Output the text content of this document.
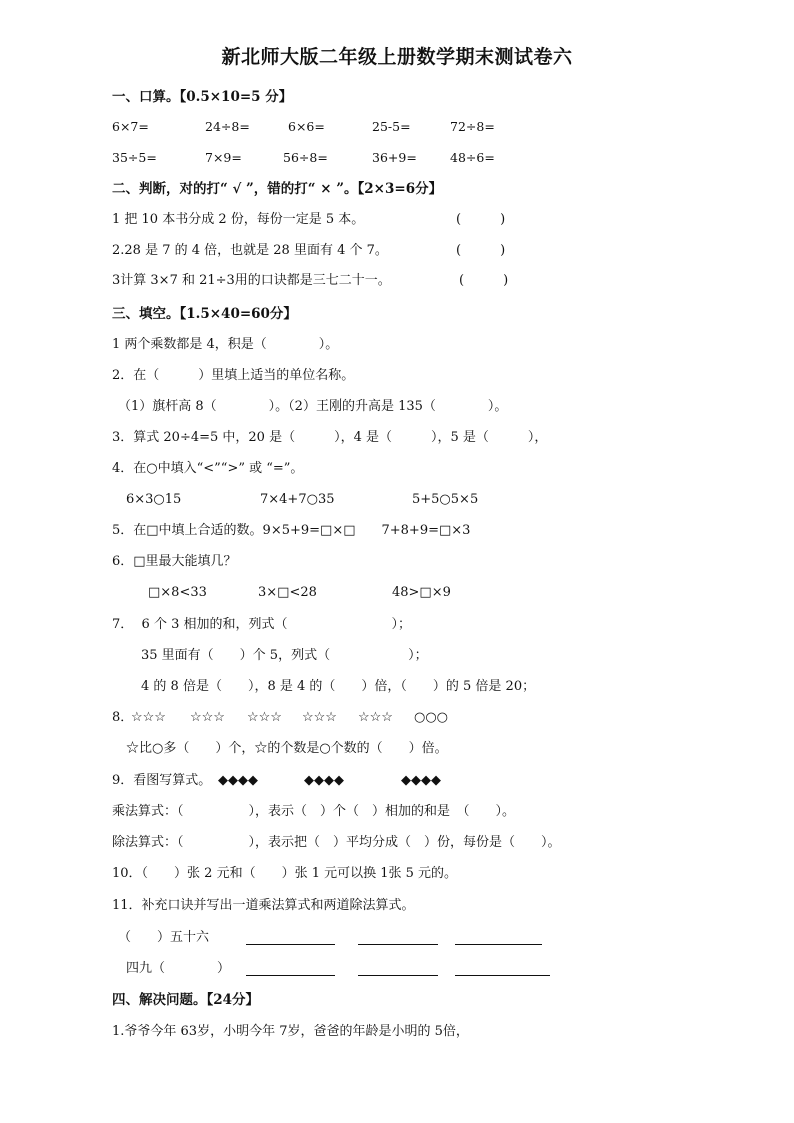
新北师大版二年级上册数学期末测试卷六
一、口算。【0.5×10=5 分】
6×7=	24÷8=	6×6=	25-5=	72÷8=
35÷5=	7×9=	56÷8=	36+9=	48÷6=
二、判断，对的打“ √ ”，错的打“ × ”。【2×3=6分】
1 把 10 本书分成 2 份，每份一定是 5 本。	(　　　)
2.28 是 7 的 4 倍，也就是 28 里面有 4 个 7。	(　　　)
3计算 3×7 和 21÷3用的口诀都是三七二十一。	(　　　)
三、填空。【1.5×40=60分】
1 两个乘数都是 4，积是（　　　　）。
2．在（　　　）里填上适当的单位名称。
（1）旗杆高 8（　　　　）。（2）王刚的升高是 135（　　　　）。
3．算式 20÷4=5 中，20 是（　　　），4 是（　　　），5 是（　　　），
4．在○中填入“<”“>” 或 “=”。
6×3○15	7×4+7○35	5+5○5×5
5．在□中填上合适的数。9×5+9=□×□　　7+8+9=□×3
6．□里最大能填几？
□×8<33	3×□<28	48>□×9
7．  6 个 3 相加的和，列式（　　　　　　　　）；
35 里面有（　　）个 5，列式（　　　　　　）；
4 的 8 倍是（　　），8 是 4 的（　　）倍，（　　）的 5 倍是 20；
8．
☆☆☆ ☆☆☆ ☆☆☆ ☆☆☆ ☆☆☆ ○○○
☆比○多（　　）个，☆的个数是○个数的（　　）倍。
9．看图写算式。 ◆◆◆◆	◆◆◆◆	◆◆◆◆
乘法算式：（　　　　　），表示（　）个（　）相加的和是　（　　）。
除法算式：（　　　　　），表示把（　）平均分成（　）份，每份是（　　）。
10．（　　）张 2 元和（　　）张 1 元可以换 1张 5 元的。
11．补充口诀并写出一道乘法算式和两道除法算式。
（　　）五十六
四九（　　　　）
四、解决问题。【24分】
1.爷爷今年 63岁，小明今年 7岁，爸爸的年龄是小明的 5倍，
